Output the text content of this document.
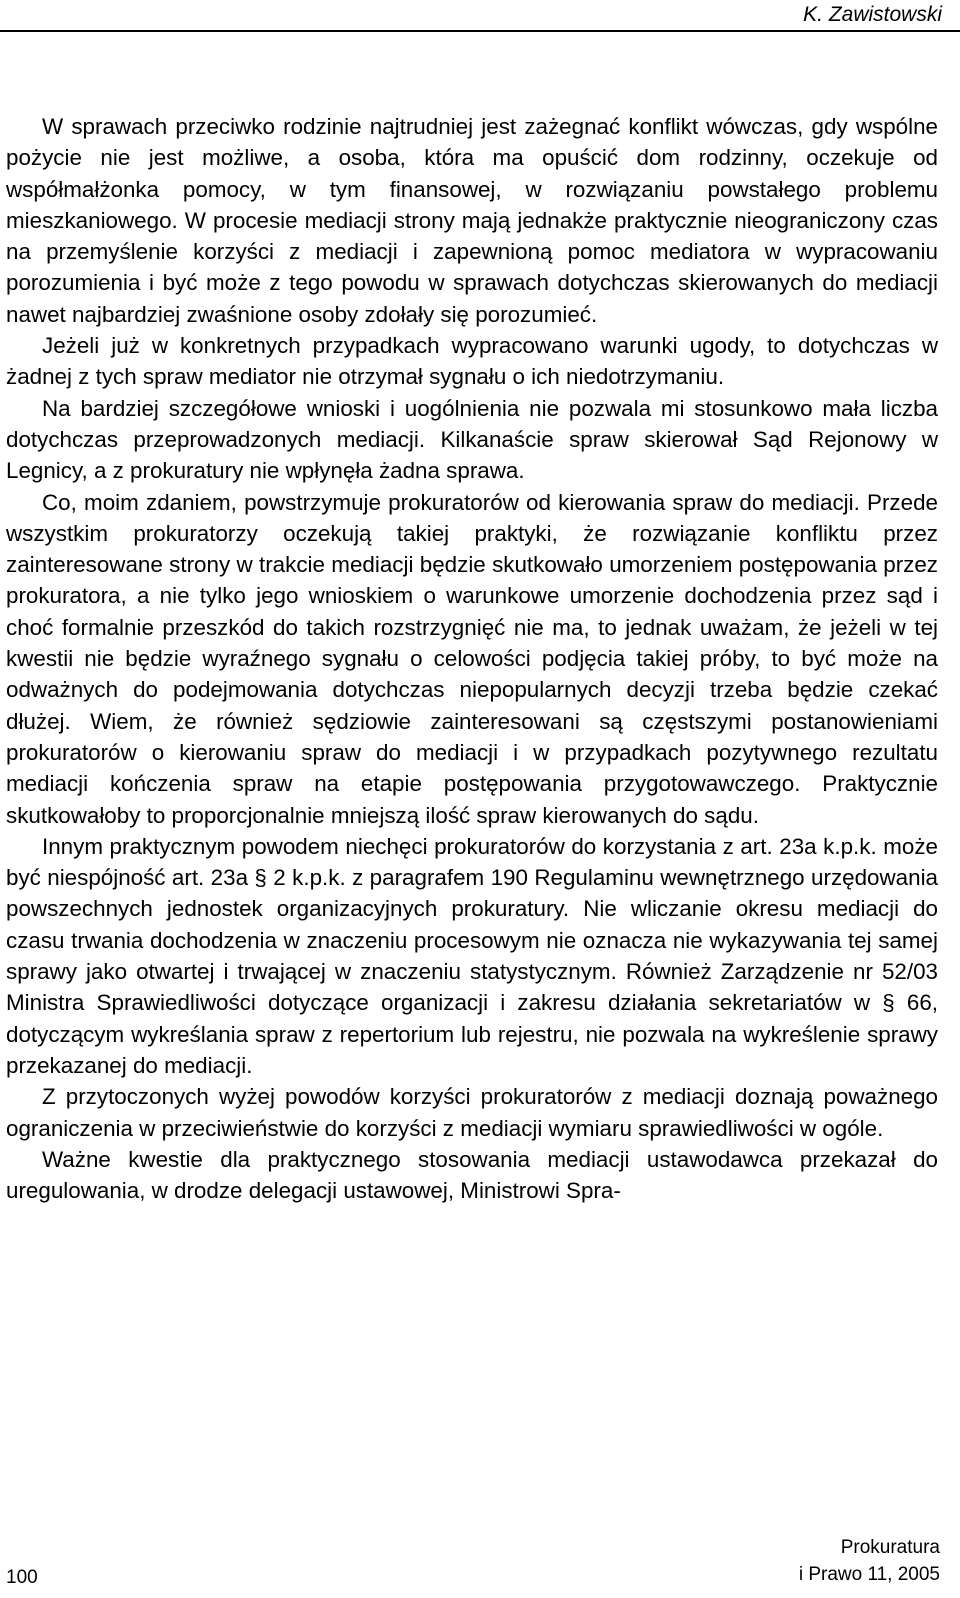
K. Zawistowski

W sprawach przeciwko rodzinie najtrudniej jest zażegnać konflikt wówczas, gdy wspólne pożycie nie jest możliwe, a osoba, która ma opuścić dom rodzinny, oczekuje od współmałżonka pomocy, w tym finansowej, w rozwiązaniu powstałego problemu mieszkaniowego. W procesie mediacji strony mają jednakże praktycznie nieograniczony czas na przemyślenie korzyści z mediacji i zapewnioną pomoc mediatora w wypracowaniu porozumienia i być może z tego powodu w sprawach dotychczas skierowanych do mediacji nawet najbardziej zwaśnione osoby zdołały się porozumieć.

Jeżeli już w konkretnych przypadkach wypracowano warunki ugody, to dotychczas w żadnej z tych spraw mediator nie otrzymał sygnału o ich niedotrzymaniu.

Na bardziej szczegółowe wnioski i uogólnienia nie pozwala mi stosunkowo mała liczba dotychczas przeprowadzonych mediacji. Kilkanaście spraw skierował Sąd Rejonowy w Legnicy, a z prokuratury nie wpłynęła żadna sprawa.

Co, moim zdaniem, powstrzymuje prokuratorów od kierowania spraw do mediacji. Przede wszystkim prokuratorzy oczekują takiej praktyki, że rozwiązanie konfliktu przez zainteresowane strony w trakcie mediacji będzie skutkowało umorzeniem postępowania przez prokuratora, a nie tylko jego wnioskiem o warunkowe umorzenie dochodzenia przez sąd i choć formalnie przeszkód do takich rozstrzygnięć nie ma, to jednak uważam, że jeżeli w tej kwestii nie będzie wyraźnego sygnału o celowości podjęcia takiej próby, to być może na odważnych do podejmowania dotychczas niepopularnych decyzji trzeba będzie czekać dłużej. Wiem, że również sędziowie zainteresowani są częstszymi postanowieniami prokuratorów o kierowaniu spraw do mediacji i w przypadkach pozytywnego rezultatu mediacji kończenia spraw na etapie postępowania przygotowawczego. Praktycznie skutkowałoby to proporcjonalnie mniejszą ilość spraw kierowanych do sądu.

Innym praktycznym powodem niechęci prokuratorów do korzystania z art. 23a k.p.k. może być niespójność art. 23a § 2 k.p.k. z paragrafem 190 Regulaminu wewnętrznego urzędowania powszechnych jednostek organizacyjnych prokuratury. Nie wliczanie okresu mediacji do czasu trwania dochodzenia w znaczeniu procesowym nie oznacza nie wykazywania tej samej sprawy jako otwartej i trwającej w znaczeniu statystycznym. Również Zarządzenie nr 52/03 Ministra Sprawiedliwości dotyczące organizacji i zakresu działania sekretariatów w § 66, dotyczącym wykreślania spraw z repertorium lub rejestru, nie pozwala na wykreślenie sprawy przekazanej do mediacji.

Z przytoczonych wyżej powodów korzyści prokuratorów z mediacji doznają poważnego ograniczenia w przeciwieństwie do korzyści z mediacji wymiaru sprawiedliwości w ogóle.

Ważne kwestie dla praktycznego stosowania mediacji ustawodawca przekazał do uregulowania, w drodze delegacji ustawowej, Ministrowi Spra-

100
Prokuratura
i Prawo 11, 2005
